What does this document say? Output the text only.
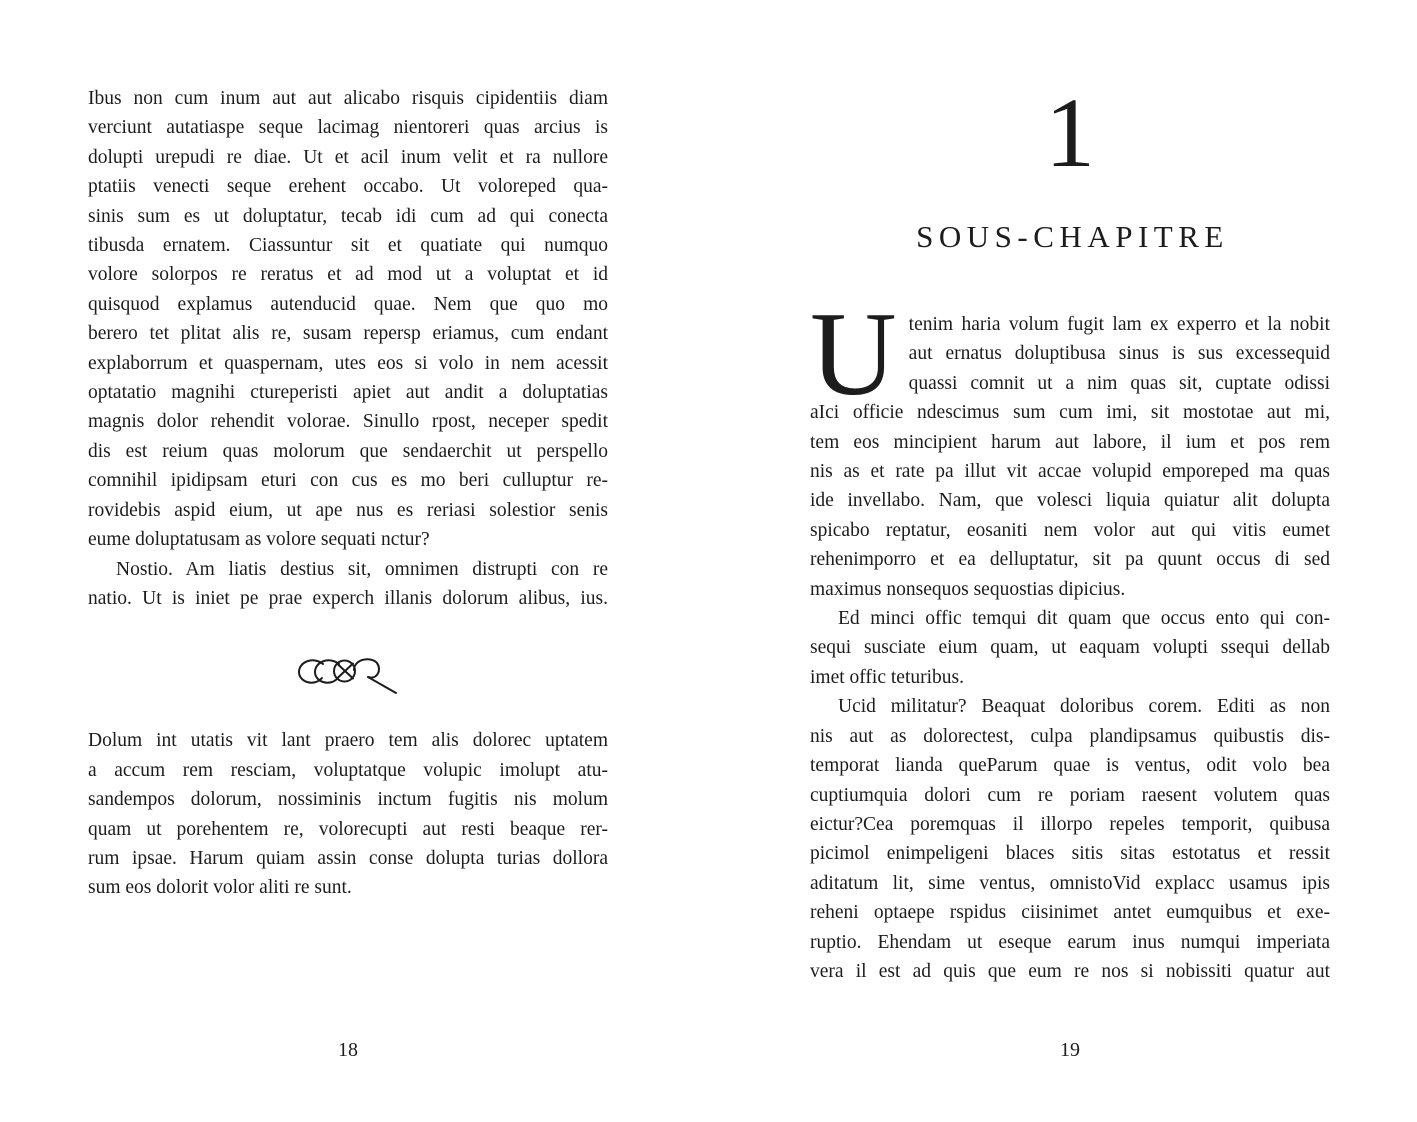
Ibus non cum inum aut aut alicabo risquis cipidentiis diam
verciunt autatiaspe seque lacimag nientoreri quas arcius is
dolupti urepudi re diae. Ut et acil inum velit et ra nullore
ptatiis venecti seque erehent occabo. Ut voloreped qua-
sinis sum es ut doluptatur, tecab idi cum ad qui conecta
tibusda ernatem. Ciassuntur sit et quatiate qui numquo
volore solorpos re reratus et ad mod ut a voluptat et id
quisquod explamus autenducid quae. Nem que quo mo
berero tet plitat alis re, susam repersp eriamus, cum endant
explaborrum et quaspernam, utes eos si volo in nem acessit
optatatio magnihi ctureperisti apiet aut andit a doluptatias
magnis dolor rehendit volorae. Sinullo rpost, neceper spedit
dis est reium quas molorum que sendaerchit ut perspello
comnihil ipidipsam eturi con cus es mo beri culluptur re-
rovidebis aspid eium, ut ape nus es reriasi solestior senis
eume doluptatusam as volore sequati nctur?
Nostio. Am liatis destius sit, omnimen distrupti con re
natio. Ut is iniet pe prae experch illanis dolorum alibus, ius.
Dolum int utatis vit lant praero tem alis dolorec uptatem
a accum rem resciam, voluptatque volupic imolupt atu-
sandempos dolorum, nossiminis inctum fugitis nis molum
quam ut porehentem re, volorecupti aut resti beaque rer-
rum ipsae. Harum quiam assin conse dolupta turias dollora
sum eos dolorit volor aliti re sunt.
18
1
SOUS-CHAPITRE
U tenim haria volum fugit lam ex experro et la nobit
aut ernatus doluptibusa sinus is sus excessequid
quassi comnit ut a nim quas sit, cuptate odissi
aIci officie ndescimus sum cum imi, sit mostotae aut mi,
tem eos mincipient harum aut labore, il ium et pos rem
nis as et rate pa illut vit accae volupid emporeped ma quas
ide invellabo. Nam, que volesci liquia quiatur alit dolupta
spicabo reptatur, eosaniti nem volor aut qui vitis eumet
rehenimporro et ea delluptatur, sit pa quunt occus di sed
maximus nonsequos sequostias dipicius.
Ed minci offic temqui dit quam que occus ento qui con-
sequi susciate eium quam, ut eaquam volupti ssequi dellab
imet offic teturibus.
Ucid militatur? Beaquat doloribus corem. Editi as non
nis aut as dolorectest, culpa plandipsamus quibustis dis-
temporat lianda queParum quae is ventus, odit volo bea
cuptiumquia dolori cum re poriam raesent volutem quas
eictur?Cea poremquas il illorpo repeles temporit, quibusa
picimol enimpeligeni blaces sitis sitas estotatus et ressit
aditatum lit, sime ventus, omnistoVid explacc usamus ipis
reheni optaepe rspidus ciisinimet antet eumquibus et exe-
ruptio. Ehendam ut eseque earum inus numqui imperiata
vera il est ad quis que eum re nos si nobissiti quatur aut
19
